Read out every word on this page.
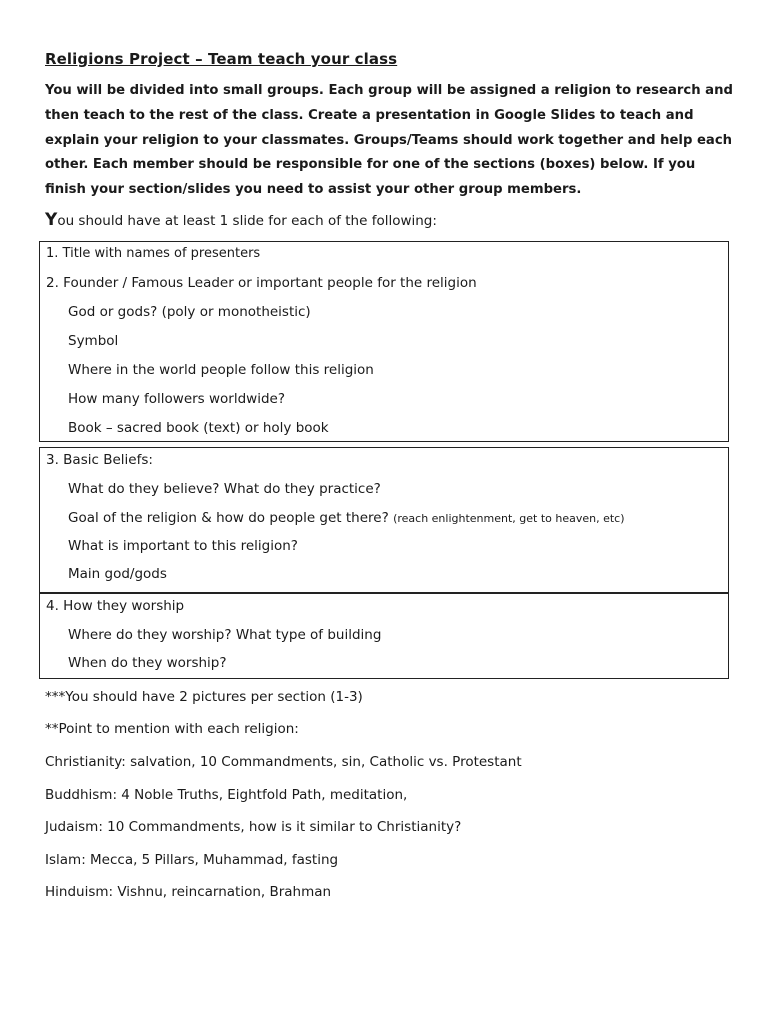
Religions Project – Team teach your class
You will be divided into small groups. Each group will be assigned a religion to research and
then teach to the rest of the class. Create a presentation in Google Slides to teach and
explain your religion to your classmates. Groups/Teams should work together and help each
other. Each member should be responsible for one of the sections (boxes) below. If you
finish your section/slides you need to assist your other group members.
You should have at least 1 slide for each of the following:
1. Title with names of presenters
2. Founder / Famous Leader or important people for the religion
God or gods? (poly or monotheistic)
Symbol
Where in the world people follow this religion
How many followers worldwide?
Book – sacred book (text) or holy book
3. Basic Beliefs:
What do they believe? What do they practice?
Goal of the religion & how do people get there? (reach enlightenment, get to heaven, etc)
What is important to this religion?
Main god/gods
4. How they worship
Where do they worship? What type of building
When do they worship?
***You should have 2 pictures per section (1-3)
**Point to mention with each religion:
Christianity: salvation, 10 Commandments, sin, Catholic vs. Protestant
Buddhism: 4 Noble Truths, Eightfold Path, meditation,
Judaism: 10 Commandments, how is it similar to Christianity?
Islam: Mecca, 5 Pillars, Muhammad, fasting
Hinduism: Vishnu, reincarnation, Brahman
